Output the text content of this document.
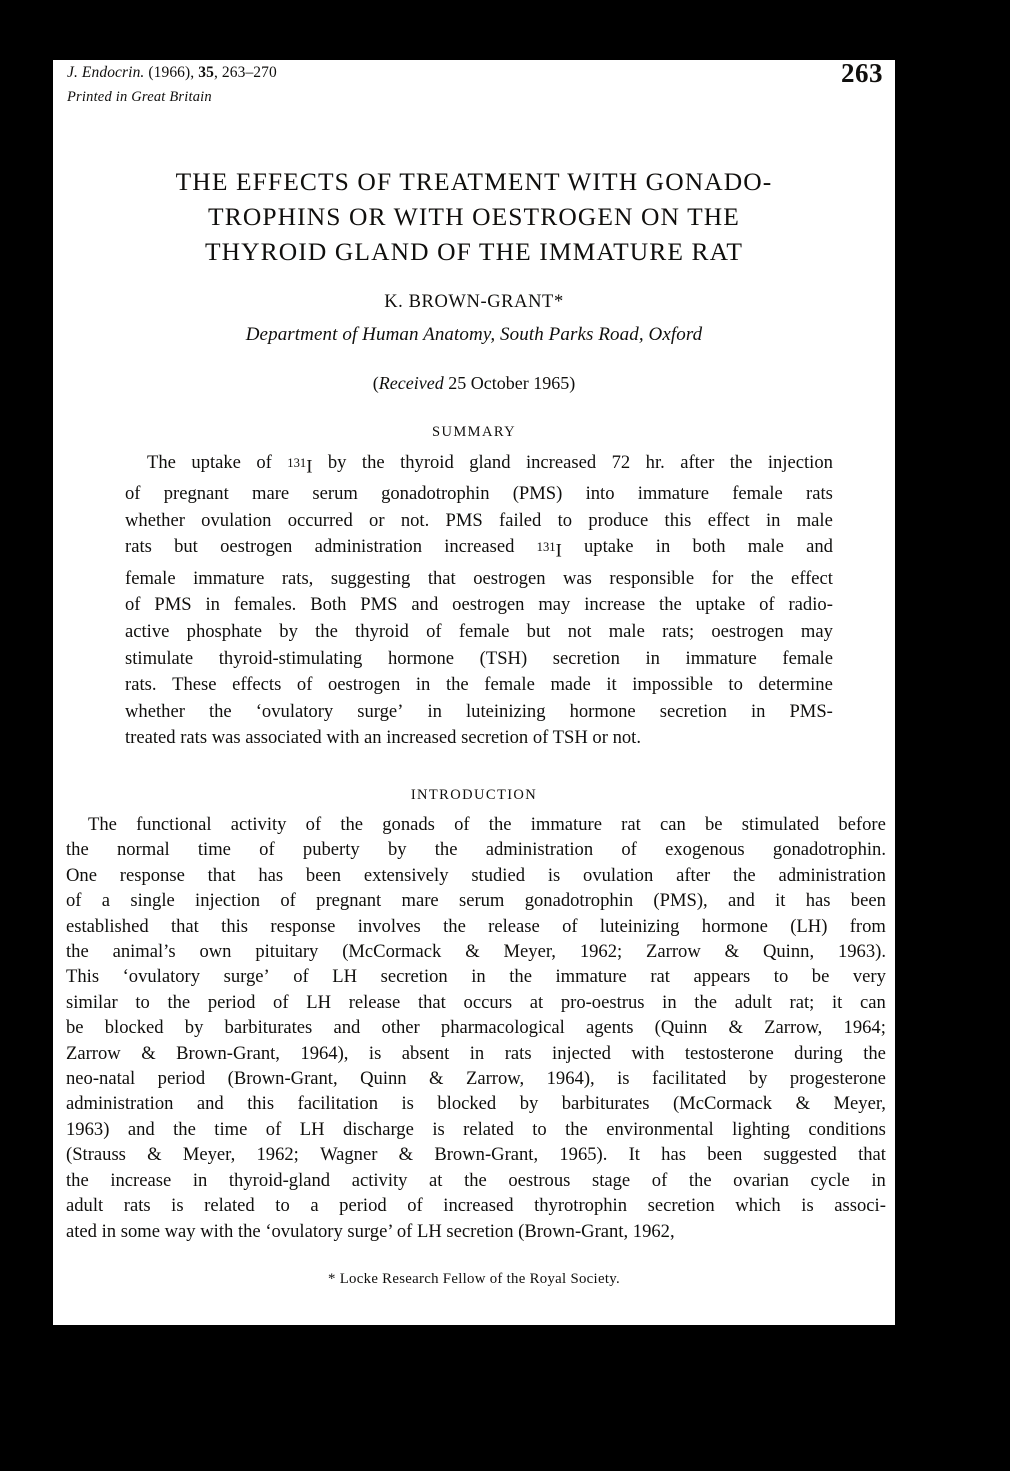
J. Endocrin. (1966), 35, 263–270
Printed in Great Britain
263
THE EFFECTS OF TREATMENT WITH GONADO-
TROPHINS OR WITH OESTROGEN ON THE
THYROID GLAND OF THE IMMATURE RAT
K. BROWN-GRANT*
Department of Human Anatomy, South Parks Road, Oxford
(Received 25 October 1965)
SUMMARY
The uptake of $^{131}$I by the thyroid gland increased 72 hr. after the injection
of pregnant mare serum gonadotrophin (PMS) into immature female rats
whether ovulation occurred or not. PMS failed to produce this effect in male
rats but oestrogen administration increased $^{131}$I uptake in both male and
female immature rats, suggesting that oestrogen was responsible for the effect
of PMS in females. Both PMS and oestrogen may increase the uptake of radio-
active phosphate by the thyroid of female but not male rats; oestrogen may
stimulate thyroid-stimulating hormone (TSH) secretion in immature female
rats. These effects of oestrogen in the female made it impossible to determine
whether the ‘ovulatory surge’ in luteinizing hormone secretion in PMS-
treated rats was associated with an increased secretion of TSH or not.
INTRODUCTION
The functional activity of the gonads of the immature rat can be stimulated before
the normal time of puberty by the administration of exogenous gonadotrophin.
One response that has been extensively studied is ovulation after the administration
of a single injection of pregnant mare serum gonadotrophin (PMS), and it has been
established that this response involves the release of luteinizing hormone (LH) from
the animal’s own pituitary (McCormack & Meyer, 1962; Zarrow & Quinn, 1963).
This ‘ovulatory surge’ of LH secretion in the immature rat appears to be very
similar to the period of LH release that occurs at pro-oestrus in the adult rat; it can
be blocked by barbiturates and other pharmacological agents (Quinn & Zarrow, 1964;
Zarrow & Brown-Grant, 1964), is absent in rats injected with testosterone during the
neo-natal period (Brown-Grant, Quinn & Zarrow, 1964), is facilitated by progesterone
administration and this facilitation is blocked by barbiturates (McCormack & Meyer,
1963) and the time of LH discharge is related to the environmental lighting conditions
(Strauss & Meyer, 1962; Wagner & Brown-Grant, 1965). It has been suggested that
the increase in thyroid-gland activity at the oestrous stage of the ovarian cycle in
adult rats is related to a period of increased thyrotrophin secretion which is associ-
ated in some way with the ‘ovulatory surge’ of LH secretion (Brown-Grant, 1962,
* Locke Research Fellow of the Royal Society.
